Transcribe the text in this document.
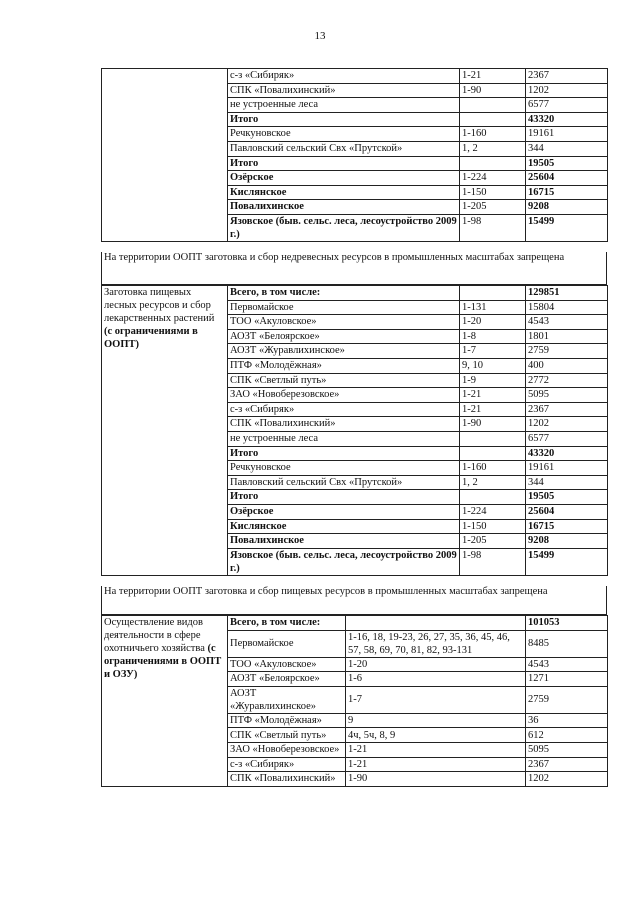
13
	с-з «Сибиряк»	1-21	2367
	СПК «Повалихинский»	1-90	1202
	не устроенные леса		6577
	Итого		43320
	Речкуновское	1-160	19161
	Павловский сельский Свх «Прутской»	1, 2	344
	Итого		19505
	Озёрское	1-224	25604
	Кислянское	1-150	16715
	Повалихинское	1-205	9208
	Язовское (быв. сельс. леса, лесоустройство 2009 г.)	1-98	15499
На территории ООПТ заготовка и сбор недревесных ресурсов в промышленных масштабах запрещена
Заготовка пищевых лесных ресурсов и сбор лекарственных растений (с ограничениями в ООПТ)	Всего, в том числе:		129851
	Первомайское	1-131	15804
	ТОО «Акуловское»	1-20	4543
	АОЗТ «Белоярское»	1-8	1801
	АОЗТ «Журавлихинское»	1-7	2759
	ПТФ «Молодёжная»	9, 10	400
	СПК «Светлый путь»	1-9	2772
	ЗАО «Новоберезовское»	1-21	5095
	с-з «Сибиряк»	1-21	2367
	СПК «Повалихинский»	1-90	1202
	не устроенные леса		6577
	Итого		43320
	Речкуновское	1-160	19161
	Павловский сельский Свх «Прутской»	1, 2	344
	Итого		19505
	Озёрское	1-224	25604
	Кислянское	1-150	16715
	Повалихинское	1-205	9208
	Язовское (быв. сельс. леса, лесоустройство 2009 г.)	1-98	15499
На территории ООПТ заготовка и сбор пищевых ресурсов в промышленных масштабах запрещена
Осуществление видов деятельности в сфере охотничьего хозяйства (с ограничениями в ООПТ и ОЗУ)	Всего, в том числе:		101053
	Первомайское	1-16, 18, 19-23, 26, 27, 35, 36, 45, 46, 57, 58, 69, 70, 81, 82, 93-131	8485
	ТОО «Акуловское»	1-20	4543
	АОЗТ «Белоярское»	1-6	1271
	АОЗТ «Журавлихинское»	1-7	2759
	ПТФ «Молодёжная»	9	36
	СПК «Светлый путь»	4ч, 5ч, 8, 9	612
	ЗАО «Новоберезовское»	1-21	5095
	с-з «Сибиряк»	1-21	2367
	СПК «Повалихинский»	1-90	1202
